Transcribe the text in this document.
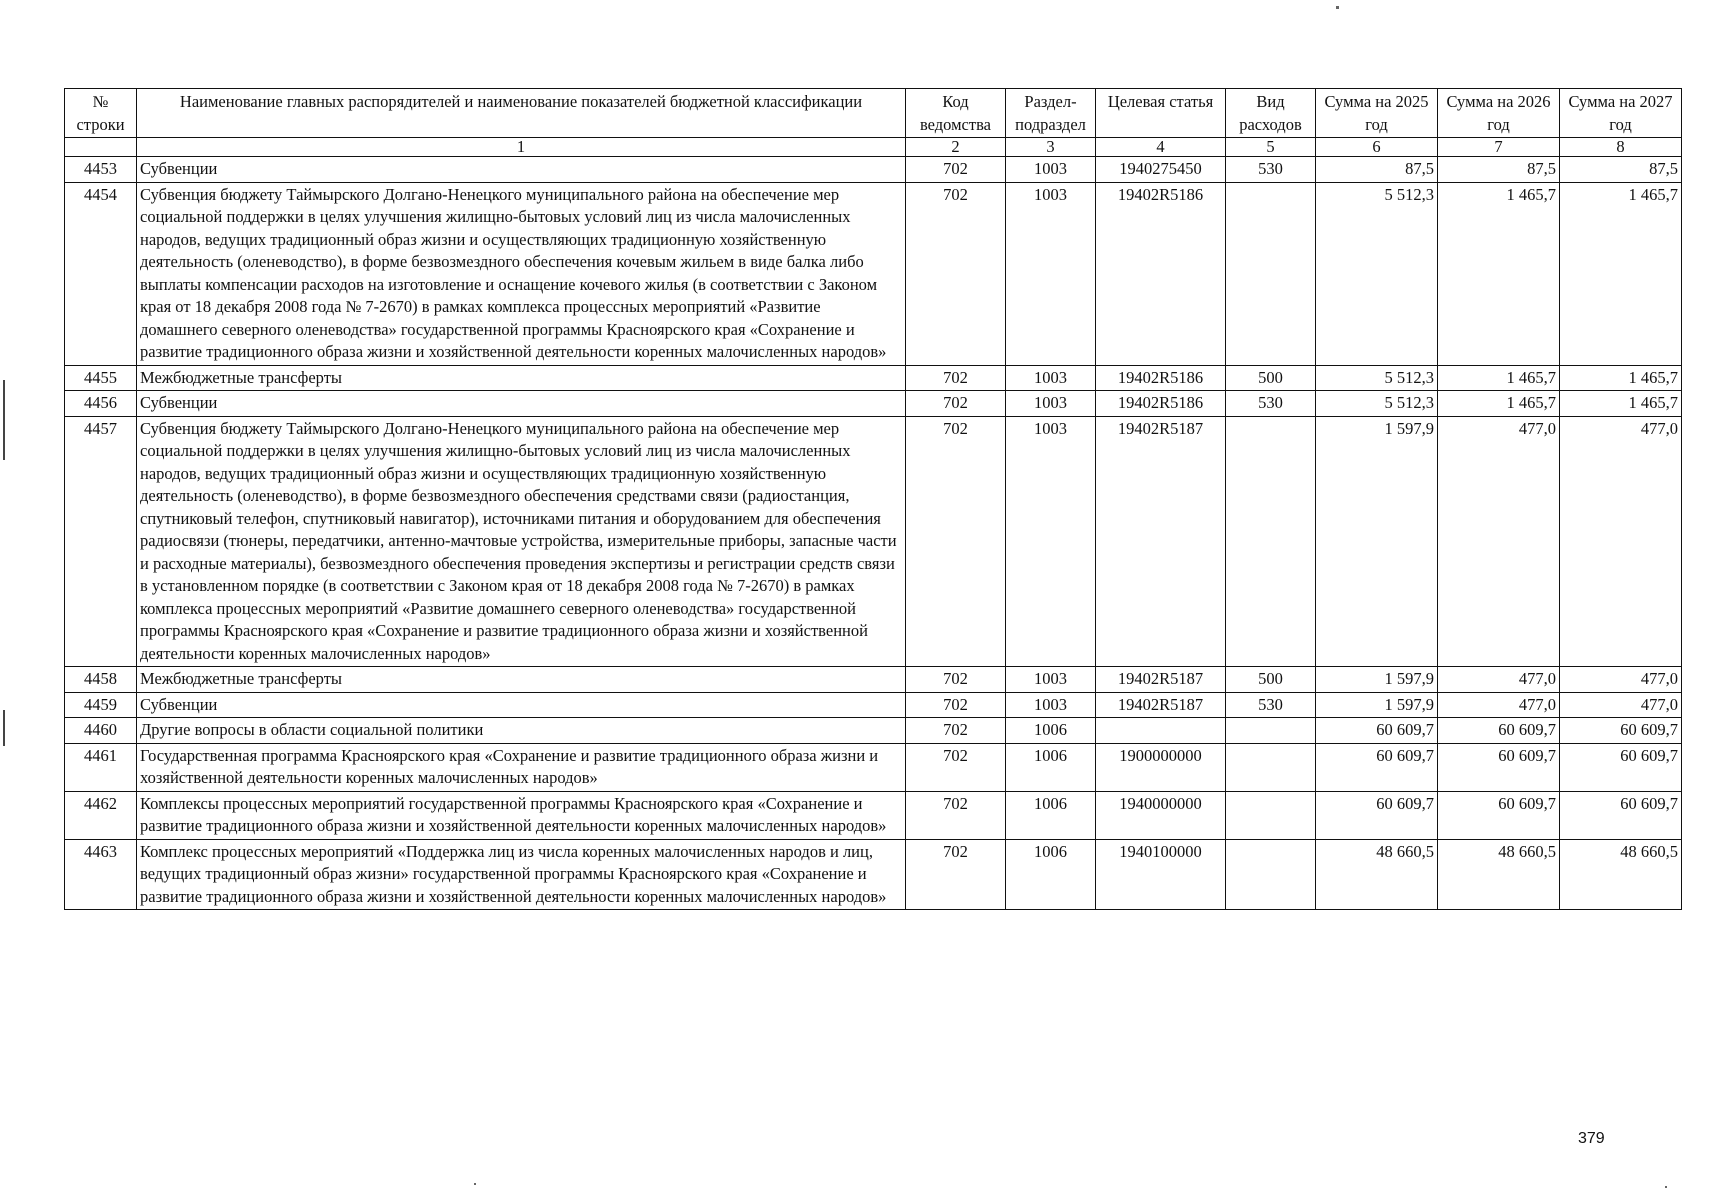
№ строки	Наименование главных распорядителей и наименование показателей бюджетной классификации	Код ведомства	Раздел-подраздел	Целевая статья	Вид расходов	Сумма на 2025 год	Сумма на 2026 год	Сумма на 2027 год
	1	2	3	4	5	6	7	8
4453	Субвенции	702	1003	1940275450	530	87,5	87,5	87,5
4454	Субвенция бюджету Таймырского Долгано-Ненецкого муниципального района на обеспечение мер социальной поддержки в целях улучшения жилищно-бытовых условий лиц из числа малочисленных народов, ведущих традиционный образ жизни и осуществляющих традиционную хозяйственную деятельность (оленеводство), в форме безвозмездного обеспечения кочевым жильем в виде балка либо выплаты компенсации расходов на изготовление и оснащение кочевого жилья (в соответствии с Законом края от 18 декабря 2008 года № 7-2670) в рамках комплекса процессных мероприятий «Развитие домашнего северного оленеводства» государственной программы Красноярского края «Сохранение и развитие традиционного образа жизни и хозяйственной деятельности коренных малочисленных народов»	702	1003	19402R5186		5 512,3	1 465,7	1 465,7
4455	Межбюджетные трансферты	702	1003	19402R5186	500	5 512,3	1 465,7	1 465,7
4456	Субвенции	702	1003	19402R5186	530	5 512,3	1 465,7	1 465,7
4457	Субвенция бюджету Таймырского Долгано-Ненецкого муниципального района на обеспечение мер социальной поддержки в целях улучшения жилищно-бытовых условий лиц из числа малочисленных народов, ведущих традиционный образ жизни и осуществляющих традиционную хозяйственную деятельность (оленеводство), в форме безвозмездного обеспечения средствами связи (радиостанция, спутниковый телефон, спутниковый навигатор), источниками питания и оборудованием для обеспечения радиосвязи (тюнеры, передатчики, антенно-мачтовые устройства, измерительные приборы, запасные части и расходные материалы), безвозмездного обеспечения проведения экспертизы и регистрации средств связи в установленном порядке (в соответствии с Законом края от 18 декабря 2008 года № 7-2670) в рамках комплекса процессных мероприятий «Развитие домашнего северного оленеводства» государственной программы Красноярского края «Сохранение и развитие традиционного образа жизни и хозяйственной деятельности коренных малочисленных народов»	702	1003	19402R5187		1 597,9	477,0	477,0
4458	Межбюджетные трансферты	702	1003	19402R5187	500	1 597,9	477,0	477,0
4459	Субвенции	702	1003	19402R5187	530	1 597,9	477,0	477,0
4460	Другие вопросы в области социальной политики	702	1006			60 609,7	60 609,7	60 609,7
4461	Государственная программа Красноярского края «Сохранение и развитие традиционного образа жизни и хозяйственной деятельности коренных малочисленных народов»	702	1006	1900000000		60 609,7	60 609,7	60 609,7
4462	Комплексы процессных мероприятий государственной программы Красноярского края «Сохранение и развитие традиционного образа жизни и хозяйственной деятельности коренных малочисленных народов»	702	1006	1940000000		60 609,7	60 609,7	60 609,7
4463	Комплекс процессных мероприятий «Поддержка лиц из числа коренных малочисленных народов и лиц, ведущих традиционный образ жизни» государственной программы Красноярского края «Сохранение и развитие традиционного образа жизни и хозяйственной деятельности коренных малочисленных народов»	702	1006	1940100000		48 660,5	48 660,5	48 660,5
379
